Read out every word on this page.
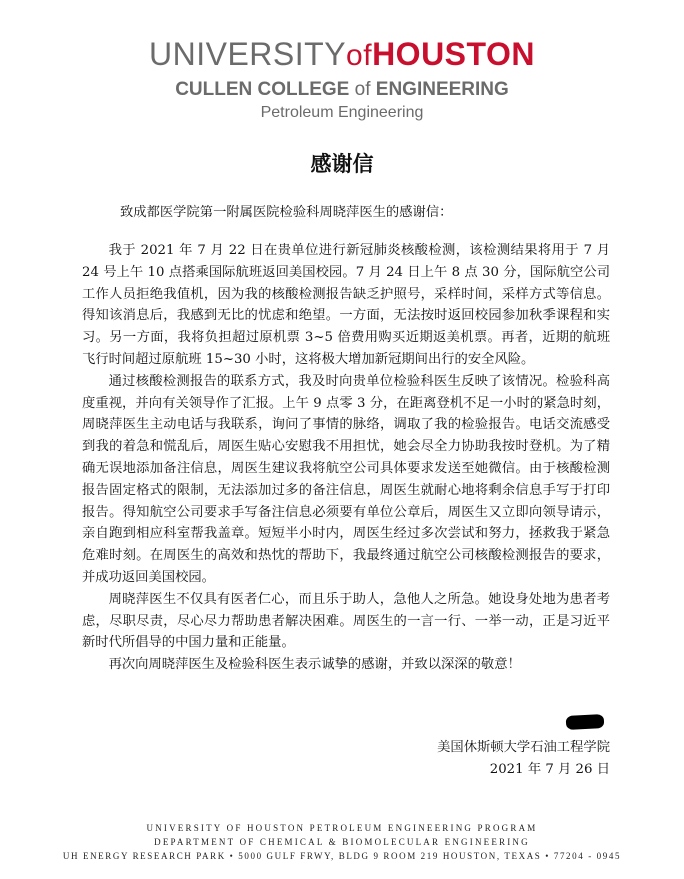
UNIVERSITYofHOUSTON
CULLEN COLLEGE of ENGINEERING
Petroleum Engineering
感谢信
致成都医学院第一附属医院检验科周晓萍医生的感谢信：

我于 2021 年 7 月 22 日在贵单位进行新冠肺炎核酸检测，该检测结果将用于 7 月 24 号上午 10 点搭乘国际航班返回美国校园。7 月 24 日上午 8 点 30 分，国际航空公司工作人员拒绝我值机，因为我的核酸检测报告缺乏护照号，采样时间，采样方式等信息。得知该消息后，我感到无比的忧虑和绝望。一方面，无法按时返回校园参加秋季课程和实习。另一方面，我将负担超过原机票 3~5 倍费用购买近期返美机票。再者，近期的航班飞行时间超过原航班 15~30 小时，这将极大增加新冠期间出行的安全风险。

通过核酸检测报告的联系方式，我及时向贵单位检验科医生反映了该情况。检验科高度重视，并向有关领导作了汇报。上午 9 点零 3 分，在距离登机不足一小时的紧急时刻，周晓萍医生主动电话与我联系，询问了事情的脉络，调取了我的检验报告。电话交流感受到我的着急和慌乱后，周医生贴心安慰我不用担忧，她会尽全力协助我按时登机。为了精确无误地添加备注信息，周医生建议我将航空公司具体要求发送至她微信。由于核酸检测报告固定格式的限制，无法添加过多的备注信息，周医生就耐心地将剩余信息手写于打印报告。得知航空公司要求手写备注信息必须要有单位公章后，周医生又立即向领导请示，亲自跑到相应科室帮我盖章。短短半小时内，周医生经过多次尝试和努力，拯救我于紧急危难时刻。在周医生的高效和热忱的帮助下，我最终通过航空公司核酸检测报告的要求，并成功返回美国校园。

周晓萍医生不仅具有医者仁心，而且乐于助人，急他人之所急。她设身处地为患者考虑，尽职尽责，尽心尽力帮助患者解决困难。周医生的一言一行、一举一动，正是习近平新时代所倡导的中国力量和正能量。

再次向周晓萍医生及检验科医生表示诚挚的感谢，并致以深深的敬意！

美国休斯顿大学石油工程学院
2021 年 7 月 26 日
UNIVERSITY OF HOUSTON PETROLEUM ENGINEERING PROGRAM
DEPARTMENT OF CHEMICAL & BIOMOLECULAR ENGINEERING
UH ENERGY RESEARCH PARK • 5000 GULF FRWY, BLDG 9 ROOM 219 HOUSTON, TEXAS • 77204 - 0945
